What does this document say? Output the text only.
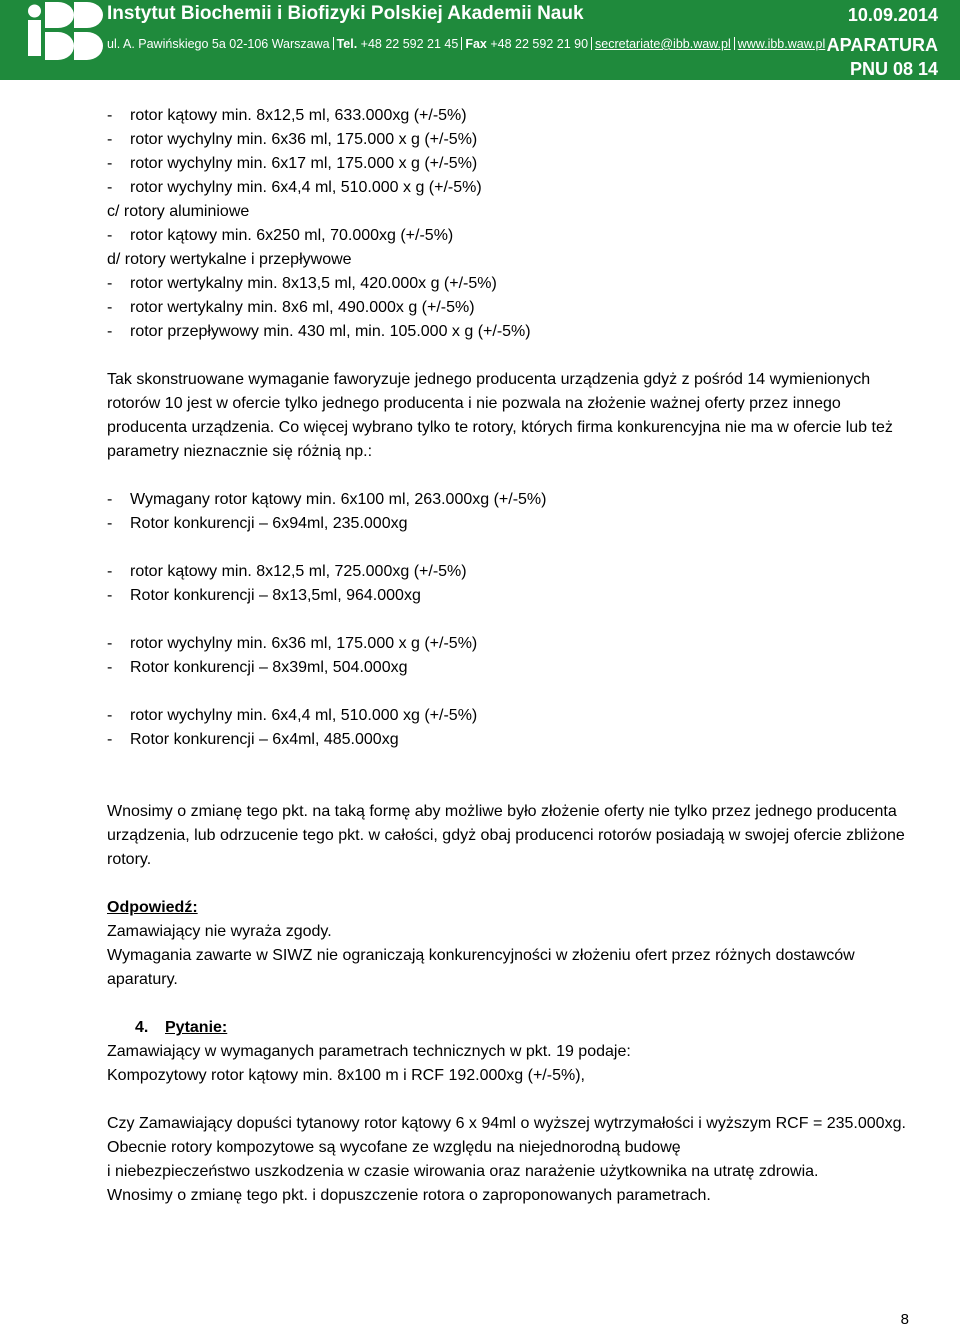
Instytut Biochemii i Biofizyki Polskiej Akademii Nauk
ul. A. Pawińskiego 5a 02-106 Warszawa Tel. +48 22 592 21 45 Fax +48 22 592 21 90 secretariate@ibb.waw.pl www.ibb.waw.pl
10.09.2014
APARATURA
PNU 08 14
-	rotor kątowy min. 8x12,5 ml, 633.000xg (+/-5%)
-	rotor wychylny min. 6x36 ml, 175.000 x g (+/-5%)
-	rotor wychylny min. 6x17 ml, 175.000 x g (+/-5%)
-	rotor wychylny min. 6x4,4 ml, 510.000 x g (+/-5%)

c/ rotory aluminiowe

-	rotor kątowy min. 6x250 ml, 70.000xg (+/-5%)

d/ rotory wertykalne i przepływowe

-	rotor wertykalny min. 8x13,5 ml, 420.000x g (+/-5%)
-	rotor wertykalny min. 8x6 ml, 490.000x g (+/-5%)
-	rotor przepływowy min. 430 ml, min. 105.000 x g (+/-5%)

Tak skonstruowane wymaganie faworyzuje jednego producenta urządzenia gdyż z pośród 14 wymienionych rotorów 10 jest w ofercie tylko jednego producenta i nie pozwala na złożenie ważnej oferty przez innego producenta urządzenia. Co więcej wybrano tylko te rotory, których firma konkurencyjna nie ma w ofercie lub też parametry nieznacznie się różnią np.:

-	Wymagany rotor kątowy min. 6x100 ml, 263.000xg (+/-5%)
-	Rotor konkurencji – 6x94ml, 235.000xg
-	rotor kątowy min. 8x12,5 ml, 725.000xg (+/-5%)
-	Rotor konkurencji – 8x13,5ml, 964.000xg
-	rotor wychylny min. 6x36 ml, 175.000 x g (+/-5%)
-	Rotor konkurencji – 8x39ml, 504.000xg
-	rotor wychylny min. 6x4,4 ml, 510.000 xg (+/-5%)
-	Rotor konkurencji – 6x4ml, 485.000xg

Wnosimy o zmianę tego pkt. na taką formę aby możliwe było złożenie oferty nie tylko przez jednego producenta urządzenia, lub odrzucenie tego pkt. w całości, gdyż obaj producenci rotorów posiadają w swojej ofercie zbliżone rotory.

Odpowiedź:

Zamawiający nie wyraża zgody.

Wymagania zawarte w SIWZ nie ograniczają konkurencyjności w złożeniu ofert przez różnych dostawców aparatury.

4. Pytanie:

Zamawiający w wymaganych parametrach technicznych w pkt. 19 podaje:

Kompozytowy rotor kątowy min. 8x100 m i RCF 192.000xg (+/-5%),

Czy Zamawiający dopuści tytanowy rotor kątowy 6 x 94ml o wyższej wytrzymałości i wyższym RCF = 235.000xg.

Obecnie rotory kompozytowe są wycofane ze względu na niejednorodną budowę

i niebezpieczeństwo uszkodzenia w czasie wirowania oraz narażenie użytkownika na utratę zdrowia.

Wnosimy o zmianę tego pkt. i dopuszczenie rotora o zaproponowanych parametrach.

8
